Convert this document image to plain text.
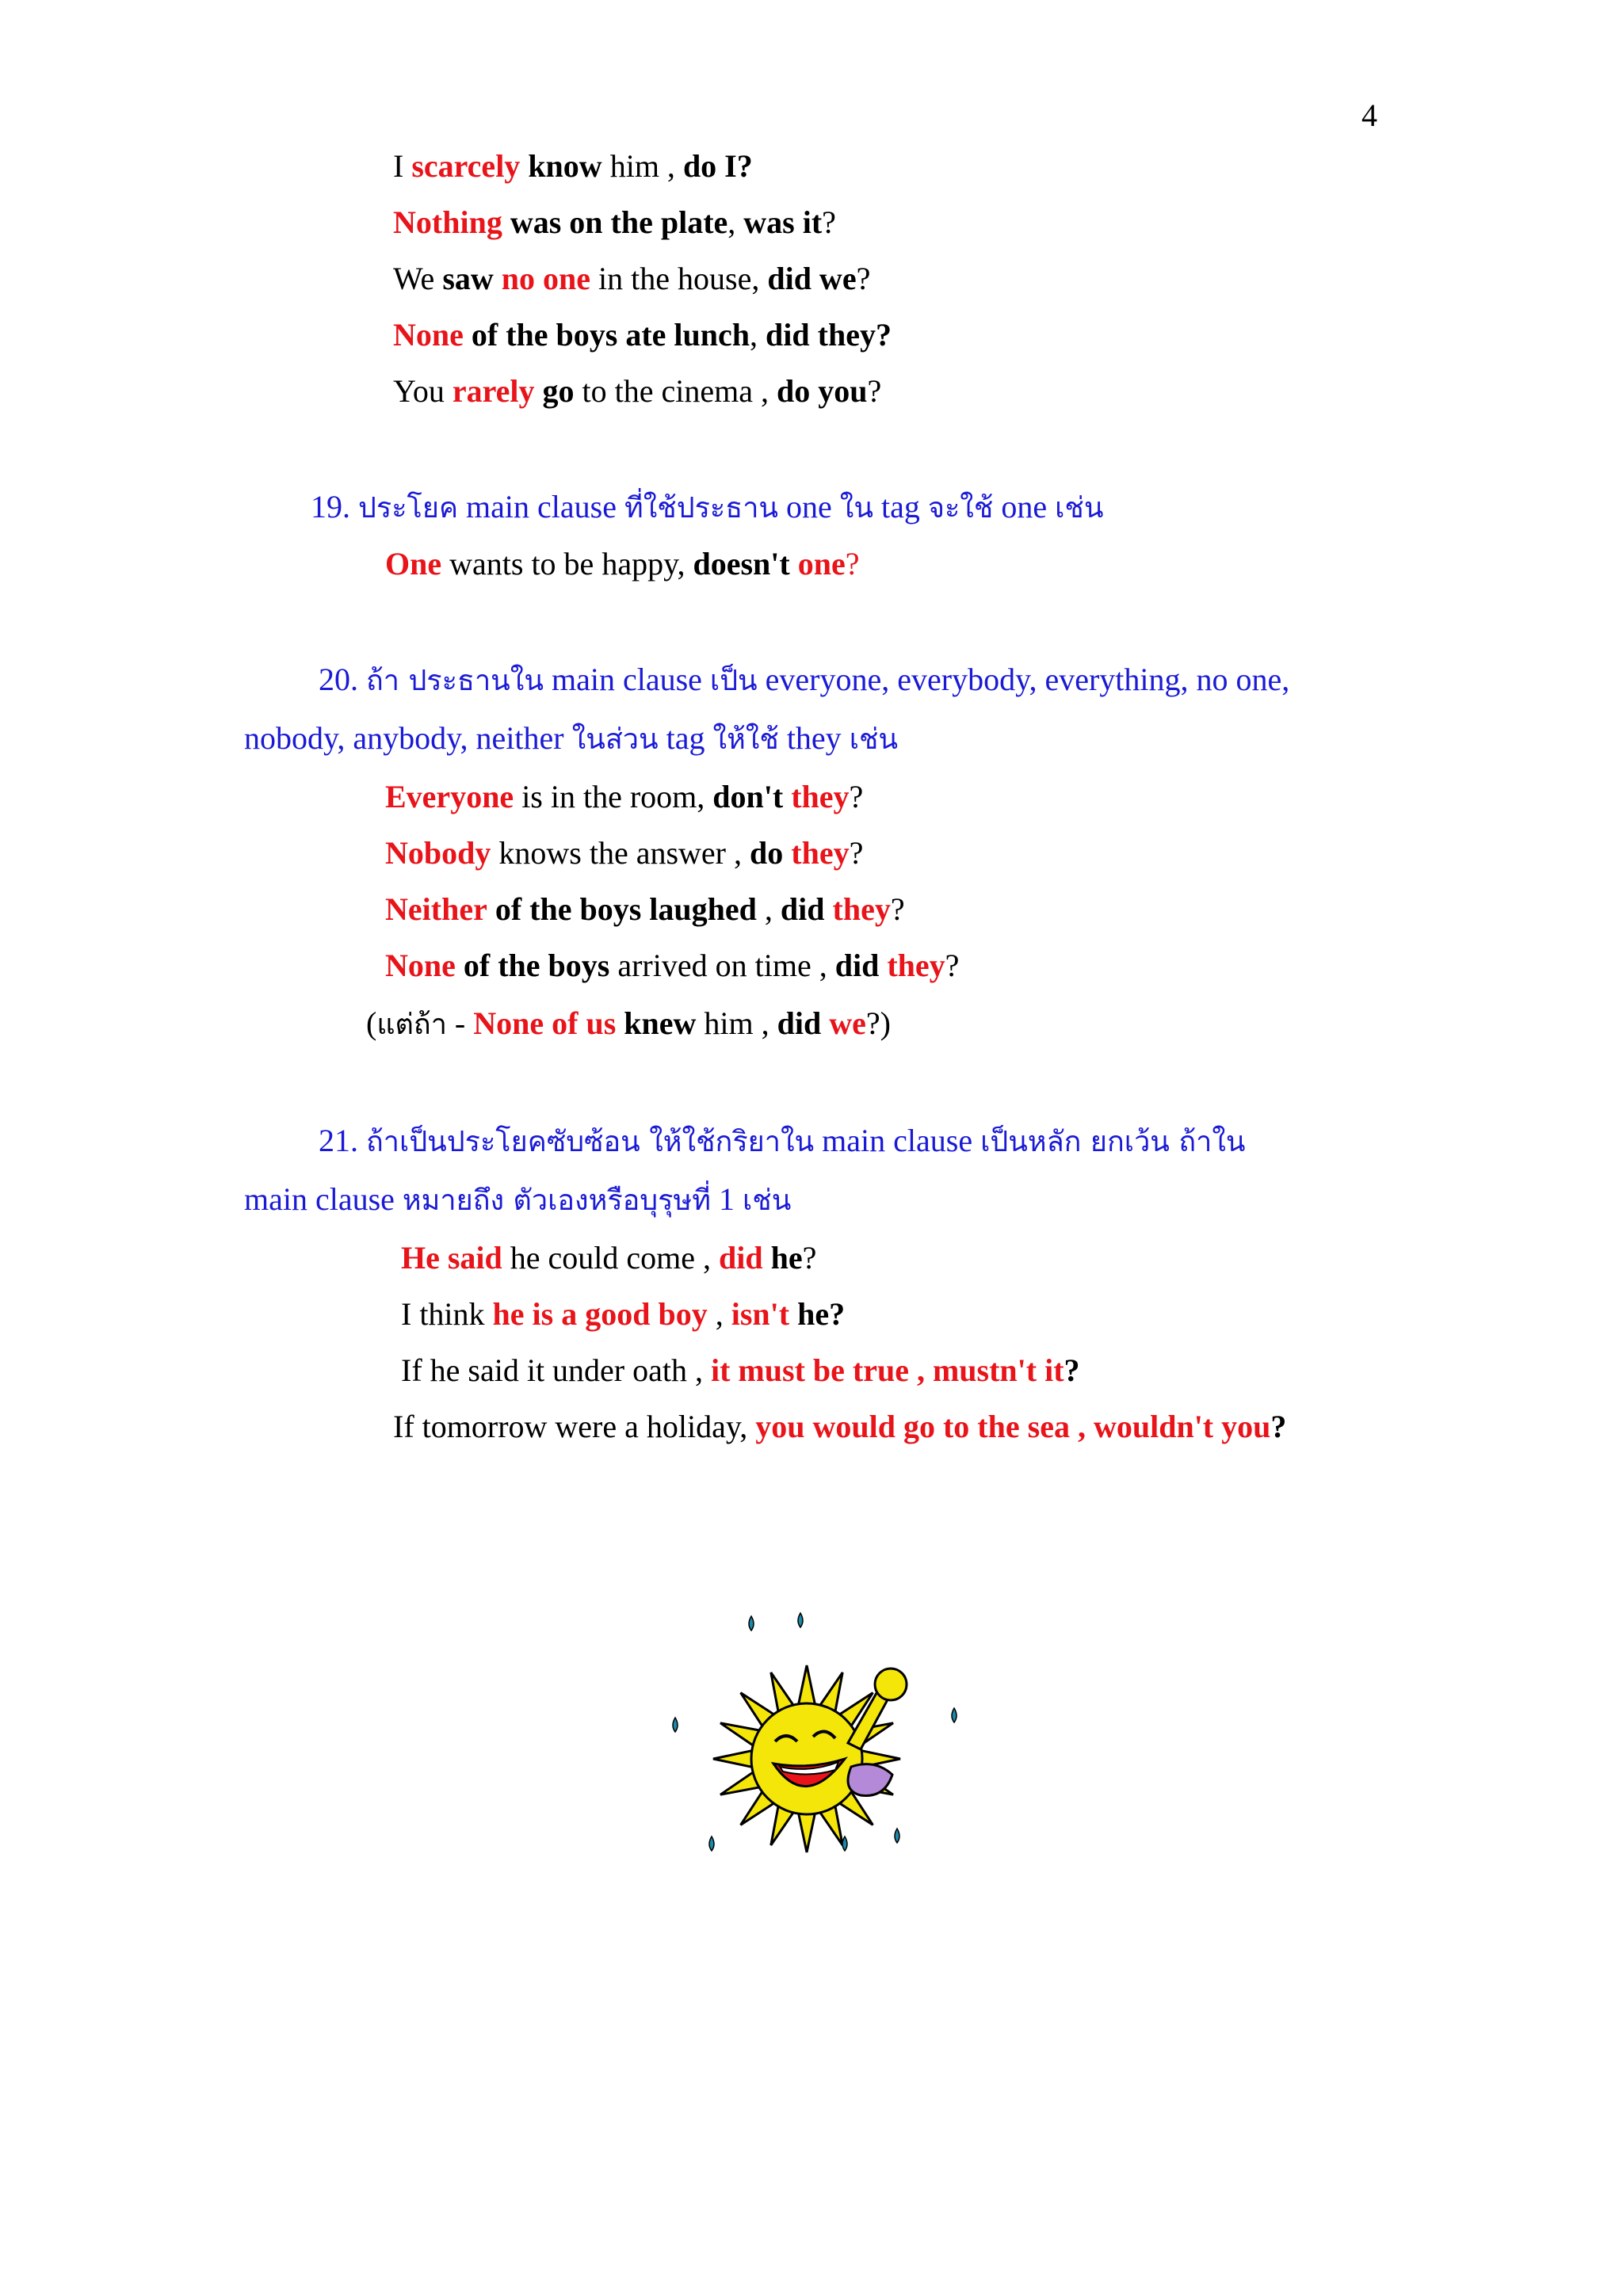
4
I scarcely know him , do I?
Nothing was on the plate, was it?
We saw no one in the house, did we?
None of the boys ate lunch, did they?
You rarely go to the cinema , do you?
19. ประโยค main clause ที่ใช้ประธาน one ใน tag จะใช้ one เช่น
One wants to be happy, doesn't one?
20. ถ้า ประธานใน main clause เป็น everyone, everybody, everything, no one,
nobody, anybody, neither ในส่วน tag ให้ใช้ they เช่น
Everyone is in the room, don't they?
Nobody knows the answer , do they?
Neither of the boys laughed , did they?
None of the boys arrived on time , did they?
(แต่ถ้า - None of us knew him , did we?)
21. ถ้าเป็นประโยคซับซ้อน ให้ใช้กริยาใน main clause เป็นหลัก ยกเว้น ถ้าใน
main clause หมายถึง ตัวเองหรือบุรุษที่ 1 เช่น
He said he could come , did he?
I think he is a good boy , isn't he?
If he said it under oath , it must be true , mustn't it?
If tomorrow were a holiday, you would go to the sea , wouldn't you?
